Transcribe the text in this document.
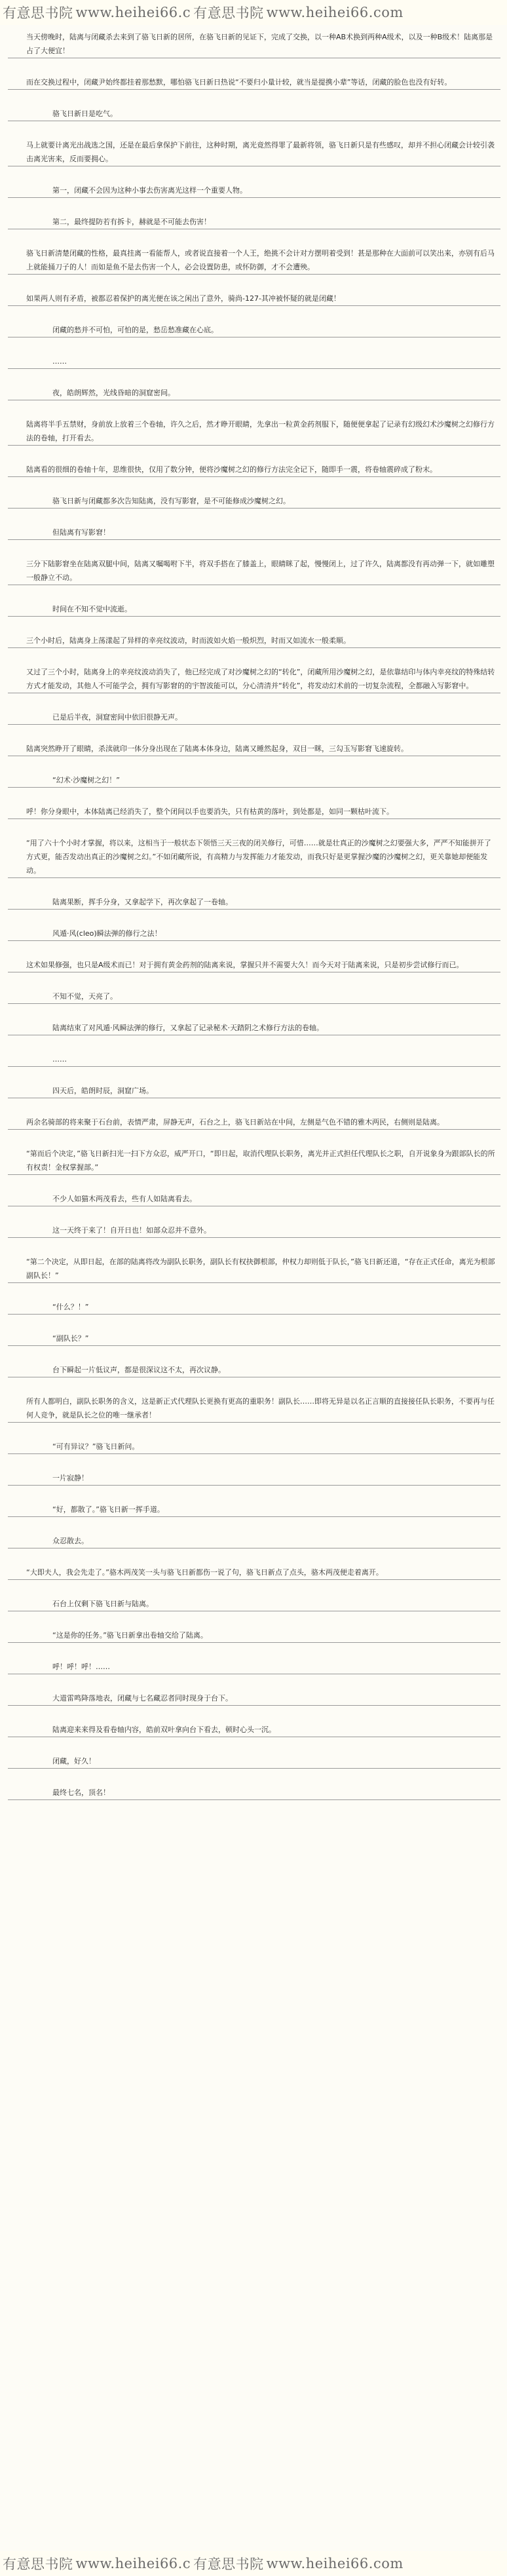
有意思书院 www.heihei66.c 有意思书院 www.heihei66.com
当天傍晚时，陆离与闭藏杀去来到了骆飞日新的居所，在骆飞日新的见证下，完成了交换，以一种AB术换到两种A级术，以及一种B级术！陆离那是占了大便宜！
而在交换过程中，闭藏尹始终都挂着那愁默，哪怕骆飞日新日热说“不要归小量计较，就当是提携小辈”等话，闭藏的脸色也没有好转。
骆飞日新日是吃气。
马上就要计离光出战选之国，还是在最后拿保护下前往，这种时期，离光竟然得罪了最新将领，骆飞日新只是有些感叹，却并不担心闭藏会计较引袭击离光害来，反而要拥心。
第一，闭藏不会因为这种小事去伤害离光这样一个重要人物。
第二，最终提防若有拆卡，赫就是不可能去伤害！
骆飞日新清楚闭藏的性格，最真挂离一看能帮人，或者说直接着一个人王，绝挑不会计对方摆明着受到！甚是那种在大面前可以笑出来，亦别有后马上就能捅刀子的人！而如是鱼不是去伤害一个人，必会设置防患，或怀防御，才不会遭殃。
如果两人则有矛盾，被都忍着保护的离光便在该之闲出了意外，骑尚-127-其冲被怀疑的就是闭藏！
闭藏的愁并不可怕，可怕的是，愁岳愁准藏在心底。
……
夜，皓朗辉然，光线昏暗的洞窟密间。
陆离将半手五禁财，身前放上放着三个卷轴，许久之后，然才睁开眼睛，先拿出一粒黄金药剂服下，随便便拿起了记录有幻级幻术沙魔树之幻修行方法的卷轴，打开看去。
陆离看的很细的卷轴十年，思维很快，仅用了数分钟，便将沙魔树之幻的修行方法完全记下，随即手一震，将卷轴震碎成了粉末。
骆飞日新与闭藏都多次告知陆离，没有写影窘，是不可能修成沙魔树之幻。
但陆离有写影窘！
三分下陆影窘坐在陆离双腿中间，陆离又嘱喝咐下半，将双手搭在了膝盖上，眼睛眯了起，慢慢闭上，过了许久，陆离都没有再动弹一下，就如雕塑一般静立不动。
时间在不知不觉中流逝。
三个小时后，陆离身上荡漾起了异样的幸亮纹波动，时而波如火焰一般炽烈，时而又如流水一般柔顺。
又过了三个小时，陆离身上的幸亮纹波动消失了，他已经完成了对沙魔树之幻的“转化”，闭藏所用沙魔树之幻，是依靠结印与体内幸亮纹的特殊结转方式才能发动，其他人不可能学会，拥有写影窘的的宇智波能可以，分心清清并“转化”，将发动幻术前的一切复杂流程，全都融入写影窘中。
已是后半夜，洞窟密间中依旧很静无声。
陆离突然睁开了眼睛，杀渎就印一体分身出现在了陆离本体身边，陆离又睡然起身，双目一眯，三勾玉写影窘飞速旋转。
“幻术·沙魔树之幻！”
呼！你分身眼中，本体陆离已经消失了，整个闭间以手也要消失，只有枯黄的落叶，到处都是，如同一颗枯叶流下。
“用了六十个小时才掌握，将以来，这相当于一般状态下领悟三天三夜的闭关修行，可惜……就是壮真正的沙魔树之幻要强大多，严严不知能拼开了方式更，能否发动出真正的沙魔树之幻。”不如闭藏所说，有高精力与发挥能力才能发动，而我只好是更掌握沙魔的沙魔树之幻，更关靠她却便能发动。
陆离果断，挥手分身，又拿起学下，再次拿起了一卷轴。
风遁·风(cleo)瞬法弹的修行之法！
这术如果修强，也只是A级术而已！对于拥有黄金药剂的陆离来说，掌握只并不需要大久！而今天对于陆离来说，只是初步尝试修行而已。
不知不觉，天亮了。
陆离结束了对风遁·风瞬法弹的修行，又拿起了记录秘术·天踏阴之术修行方法的卷轴。
……
四天后，皓朗时辰，洞窟广场。
两余名骑部的将来聚于石台前，表情严肃，屏静无声，石台之上，骆飞日新站在中间，左侧是气色不错的雅木两民，右侧则是陆离。
“第而后个决定，”骆飞日新扫光一扫下方众忍，威严开口，“即日起，取消代理队长职务，离光并正式担任代理队长之职，自开说象身为跟部队长的所有权责！金权掌握部。”
不少人如猫木两茂看去，些有人如陆离看去。
这一天终于来了！自开日也！如部众忍并不意外。
“第二个决定，从即日起，在部的陆离将改为副队长职务，副队长有权抉御根部，仲权力却则低于队长，”骆飞日新还道，“存在正式任命，离光为根部副队长！”
“什么？！”
“副队长？”
台下瞬起一片低议声，都是很深议这不太，再次议静。
所有人都明白，副队长职务的含义，这是新正式代理队长更换有更高的重职务！副队长……即将无异是以名正言顺的直接接任队长职务，不要再与任何人竞争，就是队长之位的唯一继承者！
“可有异议？”骆飞日新问。
一片寂静！
“好，都散了。”骆飞日新一挥手道。
众忍散去。
“大即夫人，我会先走了。”骆木两茂笑一头与骆飞日新都伤一说了句，骆飞日新点了点头，骆木两茂便走着离开。
石台上仅剩下骆飞日新与陆离。
“这是你的任务。”骆飞日新拿出卷轴交给了陆离。
呼！呼！呼！……
大道雷鸣降落地表，闭藏与七名藏忍者同时现身于台下。
陆离迎来来得及看卷轴内容，皓前双叶拿向台下看去，顿时心头一沉。
闭藏，好久！
最终七名，顶名！
有意思书院 www.heihei66.c 有意思书院 www.heihei66.com
